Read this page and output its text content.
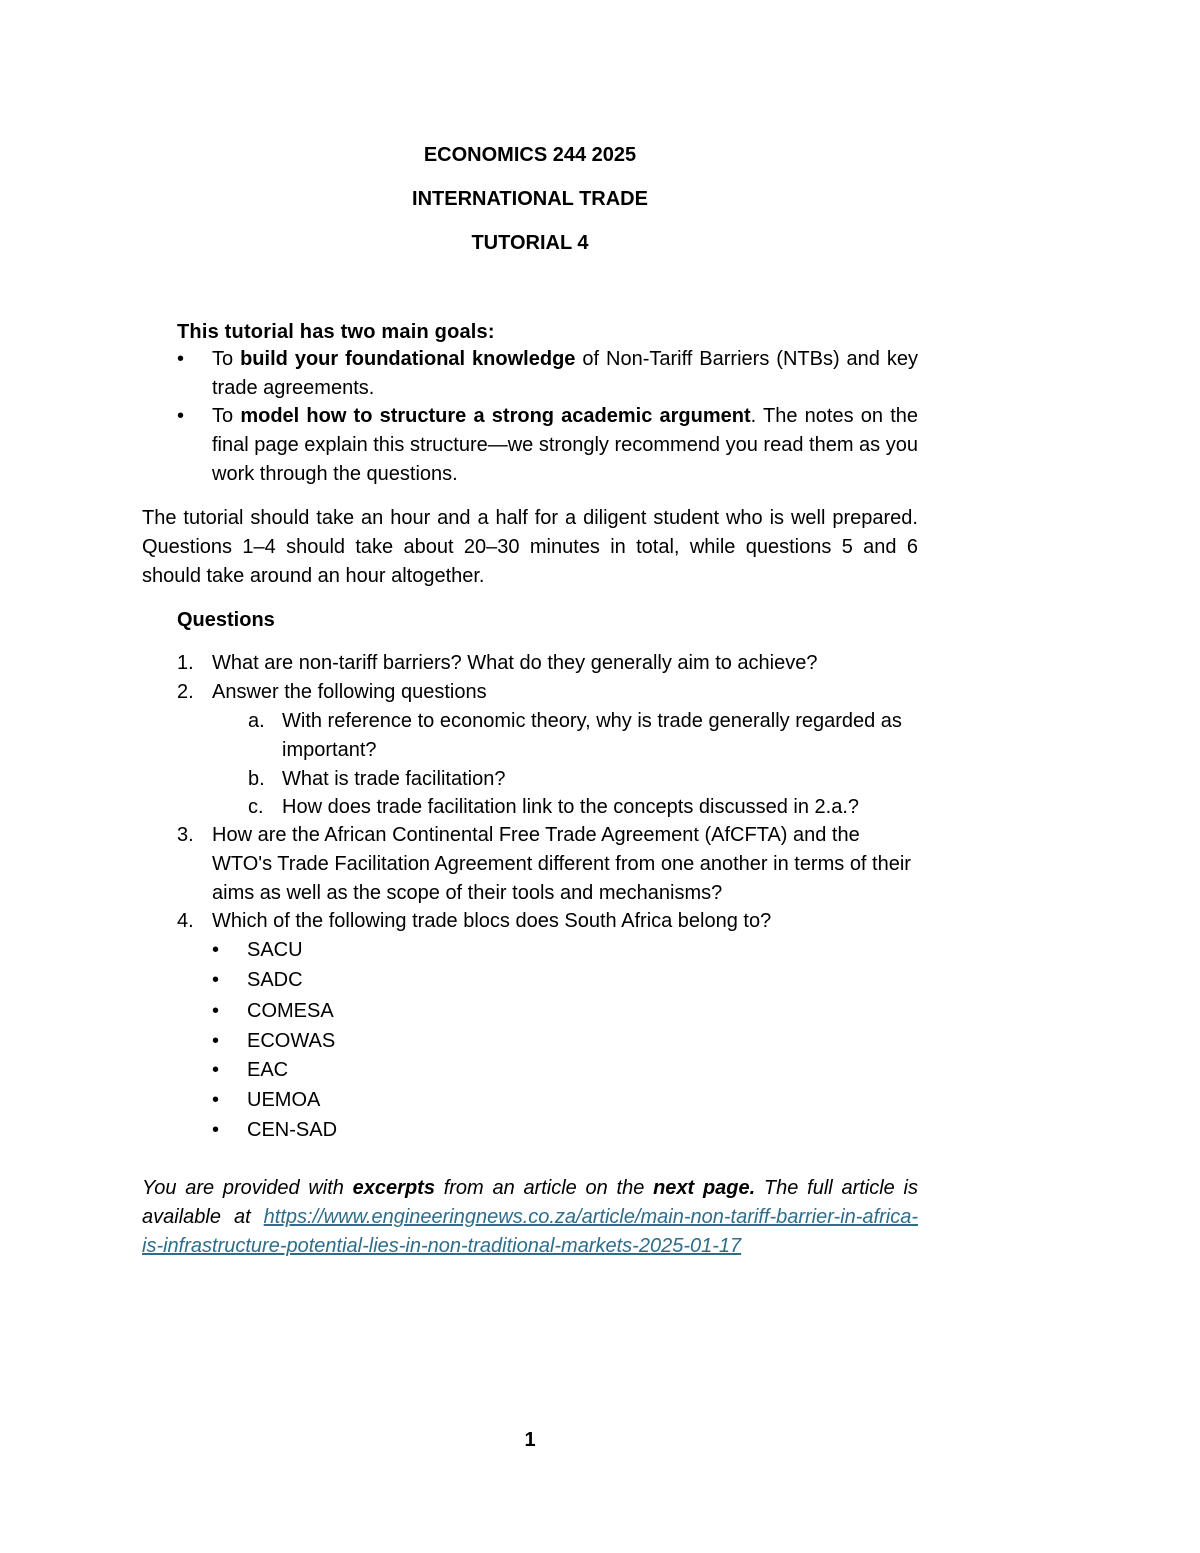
ECONOMICS 244 2025
INTERNATIONAL TRADE
TUTORIAL 4
This tutorial has two main goals:
•	To build your foundational knowledge of Non-Tariff Barriers (NTBs) and key trade agreements.
•	To model how to structure a strong academic argument. The notes on the final page explain this structure—we strongly recommend you read them as you work through the questions.
The tutorial should take an hour and a half for a diligent student who is well prepared. Questions 1–4 should take about 20–30 minutes in total, while questions 5 and 6 should take around an hour altogether.
Questions
1. What are non-tariff barriers? What do they generally aim to achieve?
2. Answer the following questions
a. With reference to economic theory, why is trade generally regarded as important?
b. What is trade facilitation?
c. How does trade facilitation link to the concepts discussed in 2.a.?
3. How are the African Continental Free Trade Agreement (AfCFTA) and the WTO's Trade Facilitation Agreement different from one another in terms of their aims as well as the scope of their tools and mechanisms?
4. Which of the following trade blocs does South Africa belong to?
• SACU
• SADC
• COMESA
• ECOWAS
• EAC
• UEMOA
• CEN-SAD
You are provided with excerpts from an article on the next page. The full article is available at https://www.engineeringnews.co.za/article/main-non-tariff-barrier-in-africa-is-infrastructure-potential-lies-in-non-traditional-markets-2025-01-17
1
